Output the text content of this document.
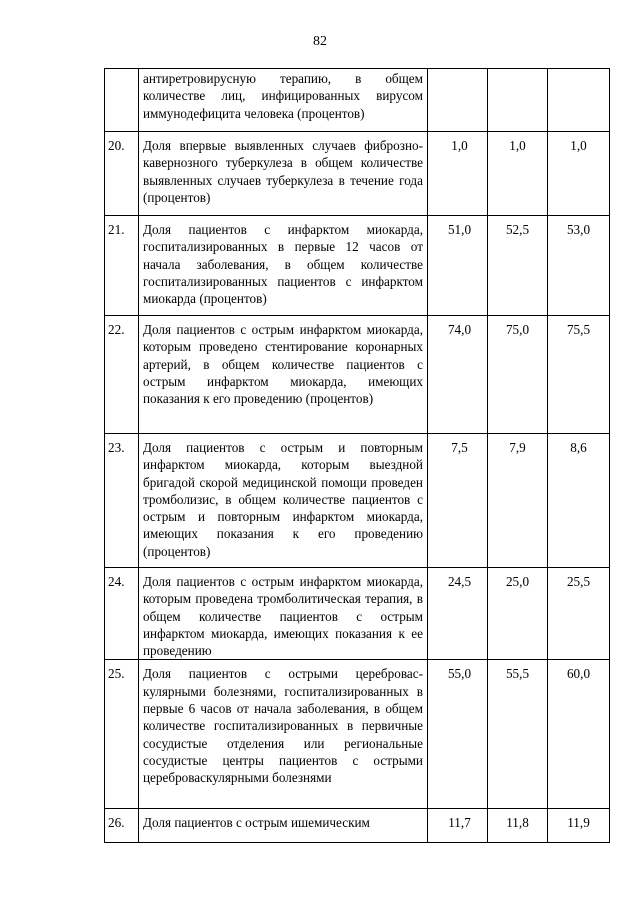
82
	антиретровирусную терапию, в общем количестве лиц, инфицированных вирусом иммунодефицита человека (процентов)			
20.	Доля впервые выявленных случаев фиброзно-кавернозного туберкулеза в общем количестве выявленных случаев туберкулеза в течение года (процентов)	1,0	1,0	1,0
21.	Доля пациентов с инфарктом миокарда, госпитализированных в первые 12 часов от начала заболевания, в общем количестве госпитализированных пациентов с инфарктом миокарда (процентов)	51,0	52,5	53,0
22.	Доля пациентов с острым инфарктом миокарда, которым проведено стентирование коронарных артерий, в общем количестве пациентов с острым инфарктом миокарда, имеющих показания к его проведению (процентов)	74,0	75,0	75,5
23.	Доля пациентов с острым и повторным инфарктом миокарда, которым выездной бригадой скорой медицинской помощи проведен тромболизис, в общем количестве пациентов с острым и повторным инфарктом миокарда, имеющих показания к его проведению (процентов)	7,5	7,9	8,6
24.	Доля пациентов с острым инфарктом миокарда, которым проведена тромболитическая терапия, в общем количестве пациентов с острым инфарктом миокарда, имеющих показания к ее проведению	24,5	25,0	25,5
25.	Доля пациентов с острыми цереброваскулярными болезнями, госпитализированных в первые 6 часов от начала заболевания, в общем количестве госпитализированных в первичные сосудистые отделения или региональные сосудистые центры пациентов с острыми цереброваскулярными болезнями	55,0	55,5	60,0
26.	Доля пациентов с острым ишемическим	11,7	11,8	11,9
